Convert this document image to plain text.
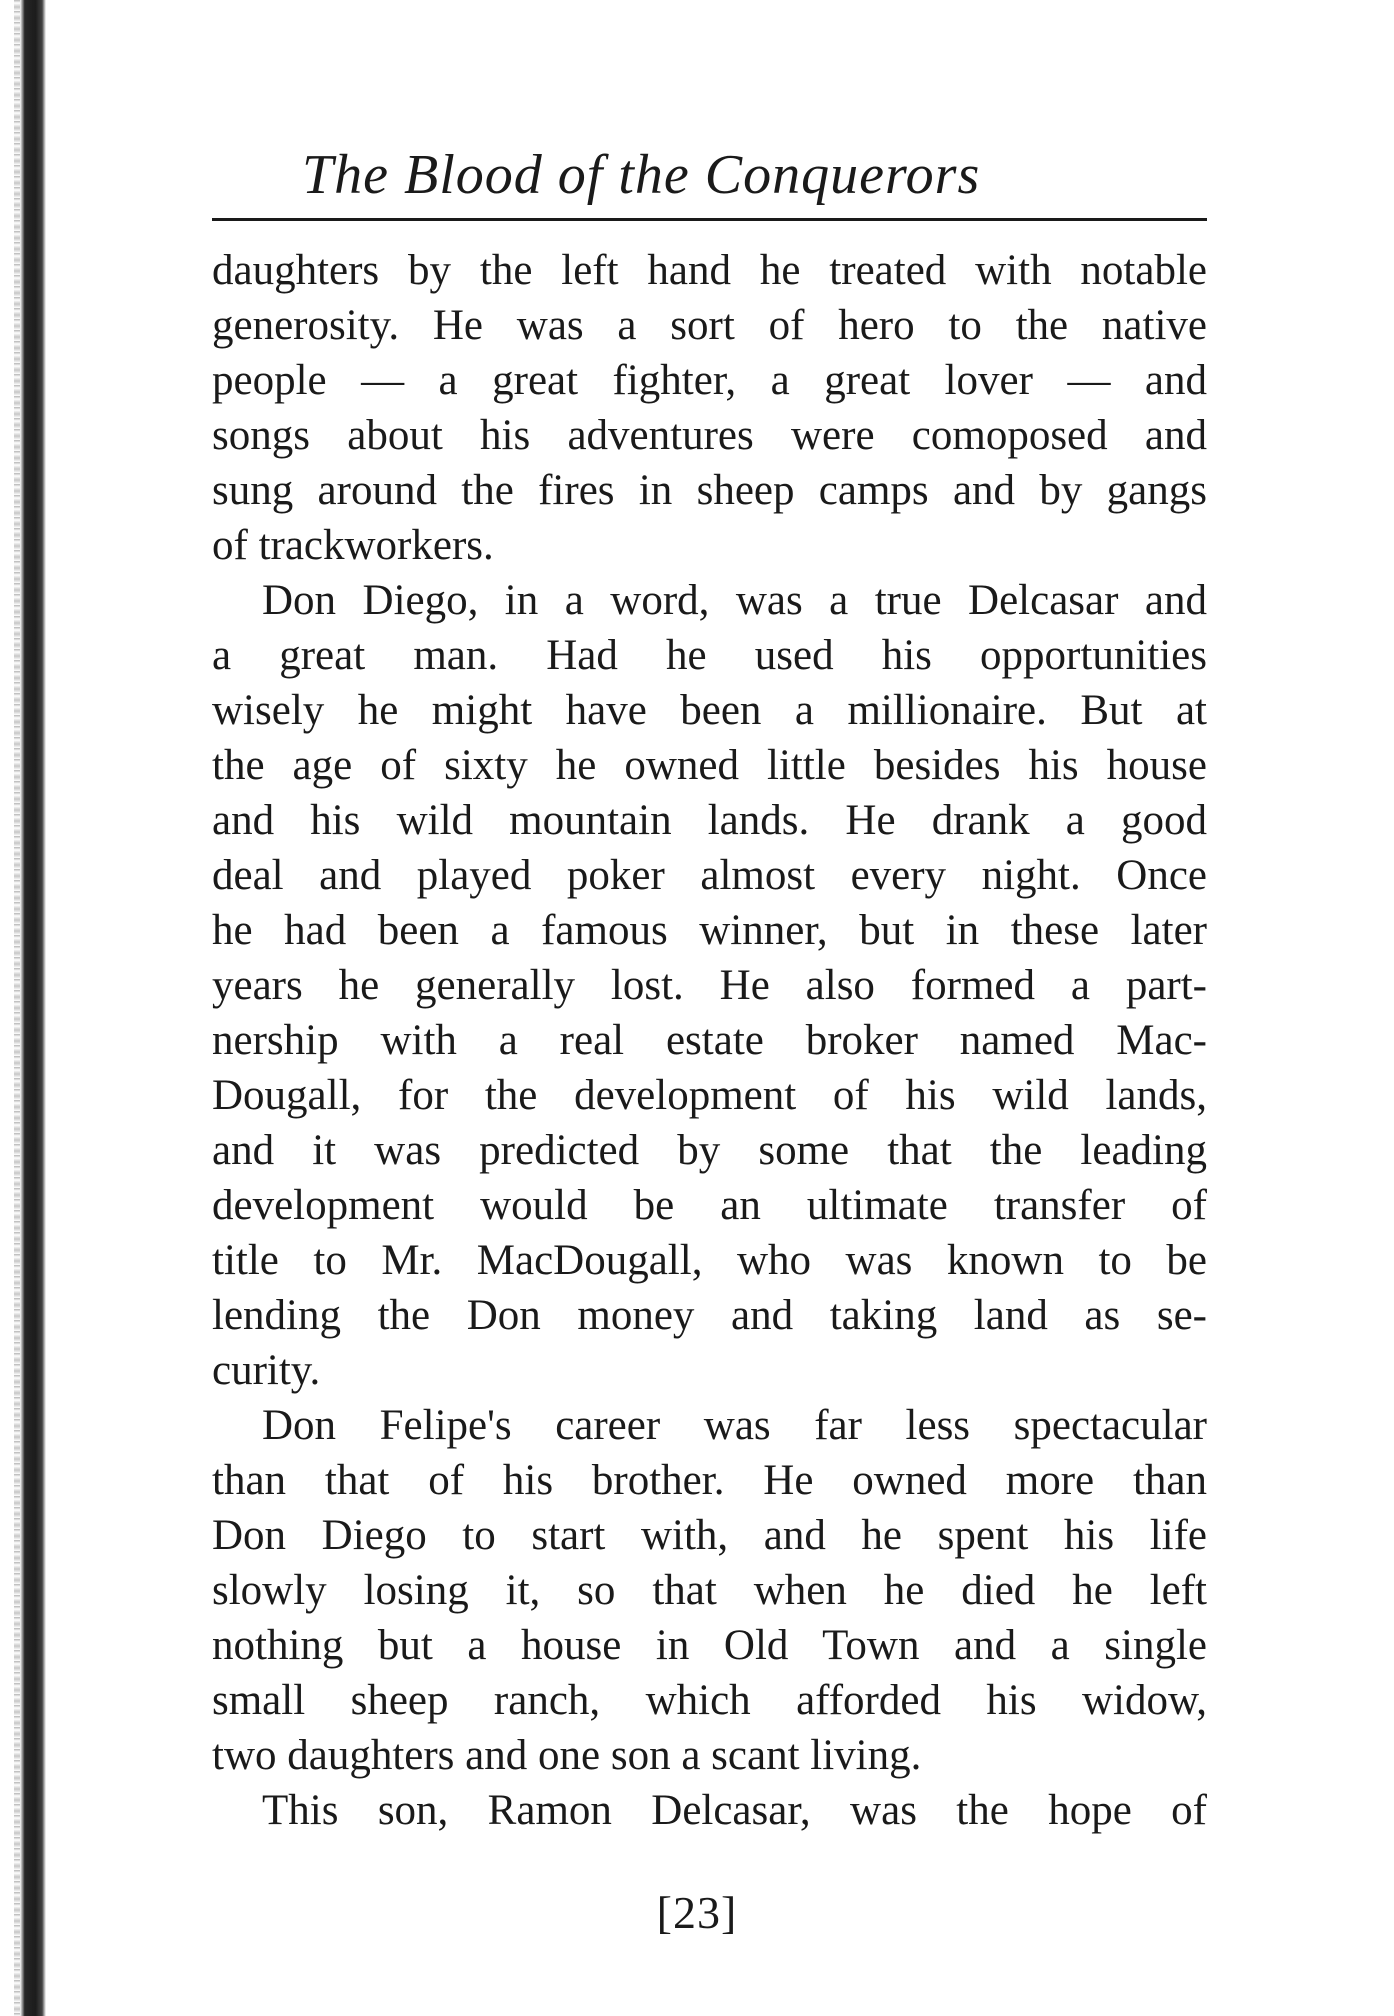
The Blood of the Conquerors
daughters by the left hand he treated with notable
generosity. He was a sort of hero to the native
people — a great fighter, a great lover — and
songs about his adventures were comoposed and
sung around the fires in sheep camps and by gangs
of trackworkers.
Don Diego, in a word, was a true Delcasar and
a great man. Had he used his opportunities
wisely he might have been a millionaire. But at
the age of sixty he owned little besides his house
and his wild mountain lands. He drank a good
deal and played poker almost every night. Once
he had been a famous winner, but in these later
years he generally lost. He also formed a part-
nership with a real estate broker named Mac-
Dougall, for the development of his wild lands,
and it was predicted by some that the leading
development would be an ultimate transfer of
title to Mr. MacDougall, who was known to be
lending the Don money and taking land as se-
curity.
Don Felipe's career was far less spectacular
than that of his brother. He owned more than
Don Diego to start with, and he spent his life
slowly losing it, so that when he died he left
nothing but a house in Old Town and a single
small sheep ranch, which afforded his widow,
two daughters and one son a scant living.
This son, Ramon Delcasar, was the hope of
[23]
